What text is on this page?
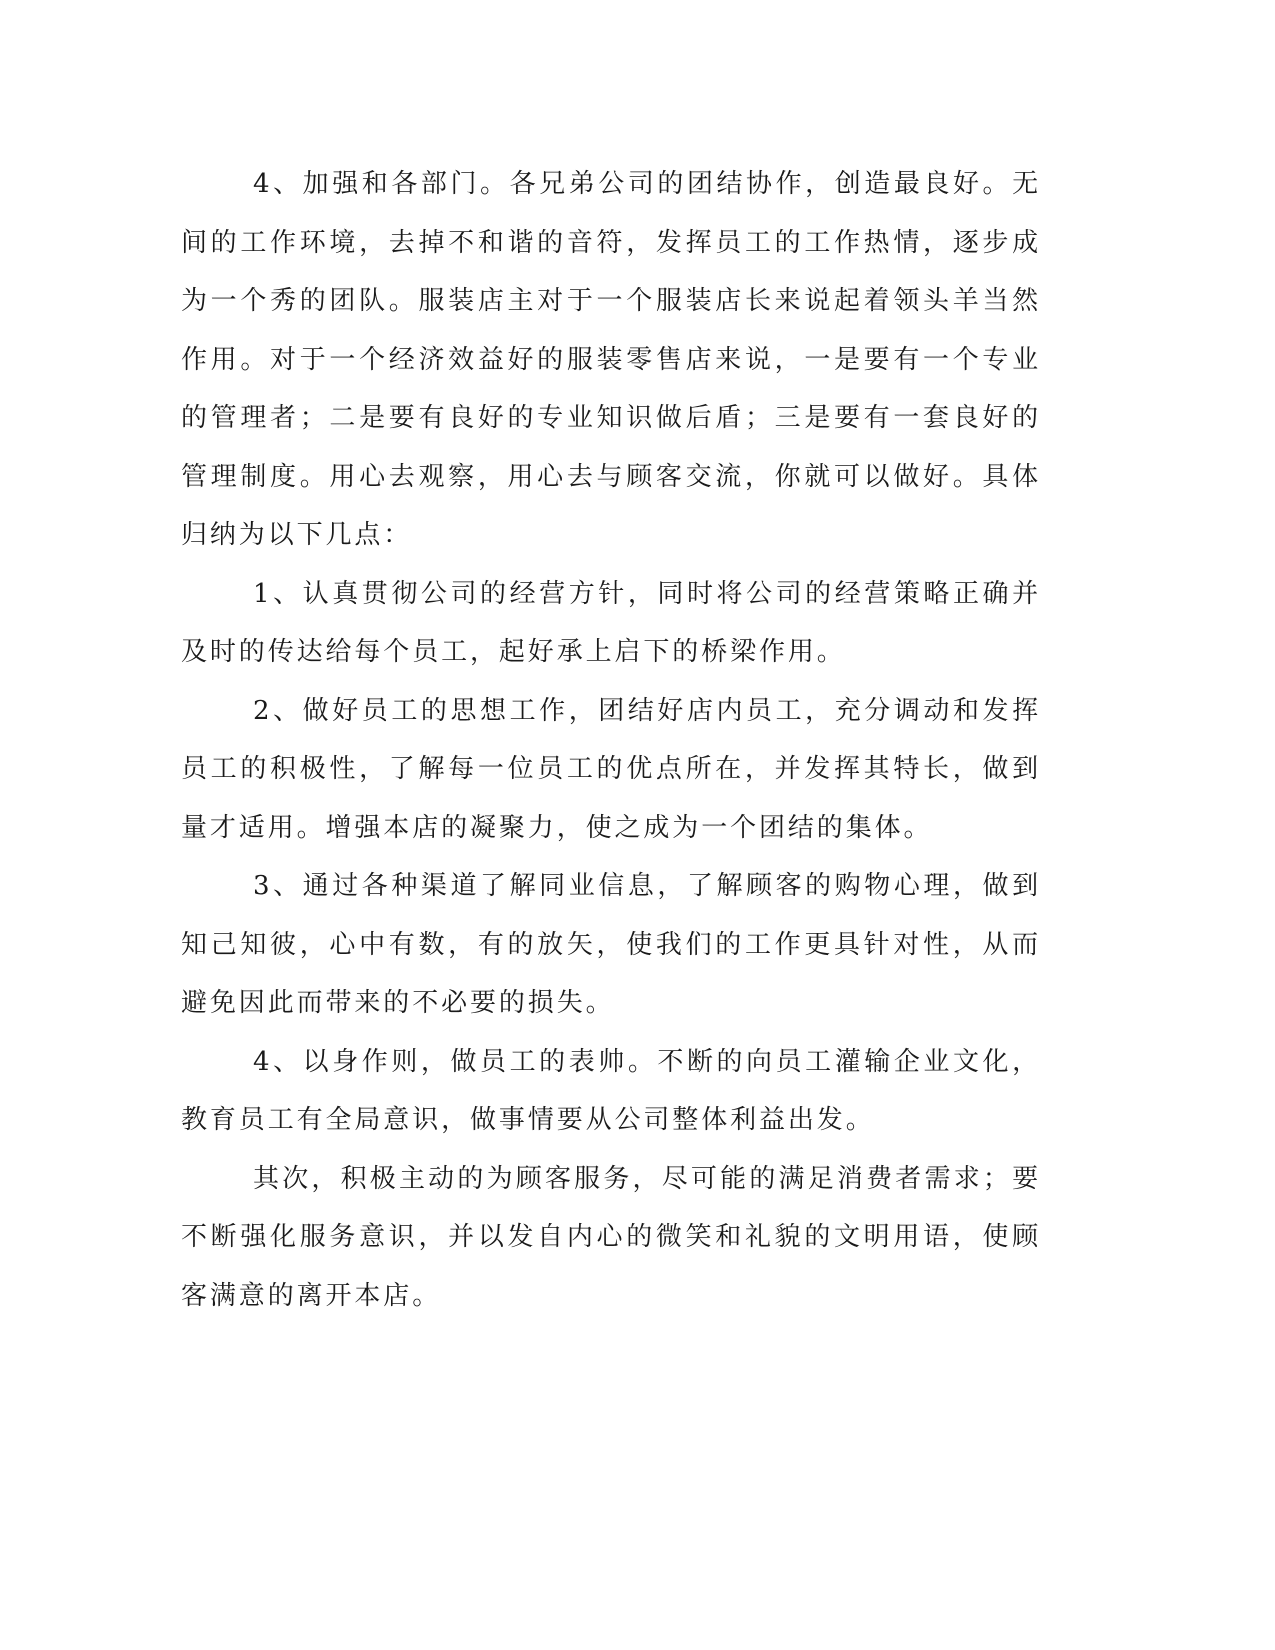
4、加强和各部门。各兄弟公司的团结协作，创造最良好。无间的工作环境，去掉不和谐的音符，发挥员工的工作热情，逐步成为一个秀的团队。服装店主对于一个服装店长来说起着领头羊当然作用。对于一个经济效益好的服装零售店来说，一是要有一个专业的管理者；二是要有良好的专业知识做后盾；三是要有一套良好的管理制度。用心去观察，用心去与顾客交流，你就可以做好。具体归纳为以下几点：

1、认真贯彻公司的经营方针，同时将公司的经营策略正确并及时的传达给每个员工，起好承上启下的桥梁作用。

2、做好员工的思想工作，团结好店内员工，充分调动和发挥员工的积极性，了解每一位员工的优点所在，并发挥其特长，做到量才适用。增强本店的凝聚力，使之成为一个团结的集体。

3、通过各种渠道了解同业信息，了解顾客的购物心理，做到知己知彼，心中有数，有的放矢，使我们的工作更具针对性，从而避免因此而带来的不必要的损失。

4、以身作则，做员工的表帅。不断的向员工灌输企业文化，教育员工有全局意识，做事情要从公司整体利益出发。

其次，积极主动的为顾客服务，尽可能的满足消费者需求；要不断强化服务意识，并以发自内心的微笑和礼貌的文明用语，使顾客满意的离开本店。
